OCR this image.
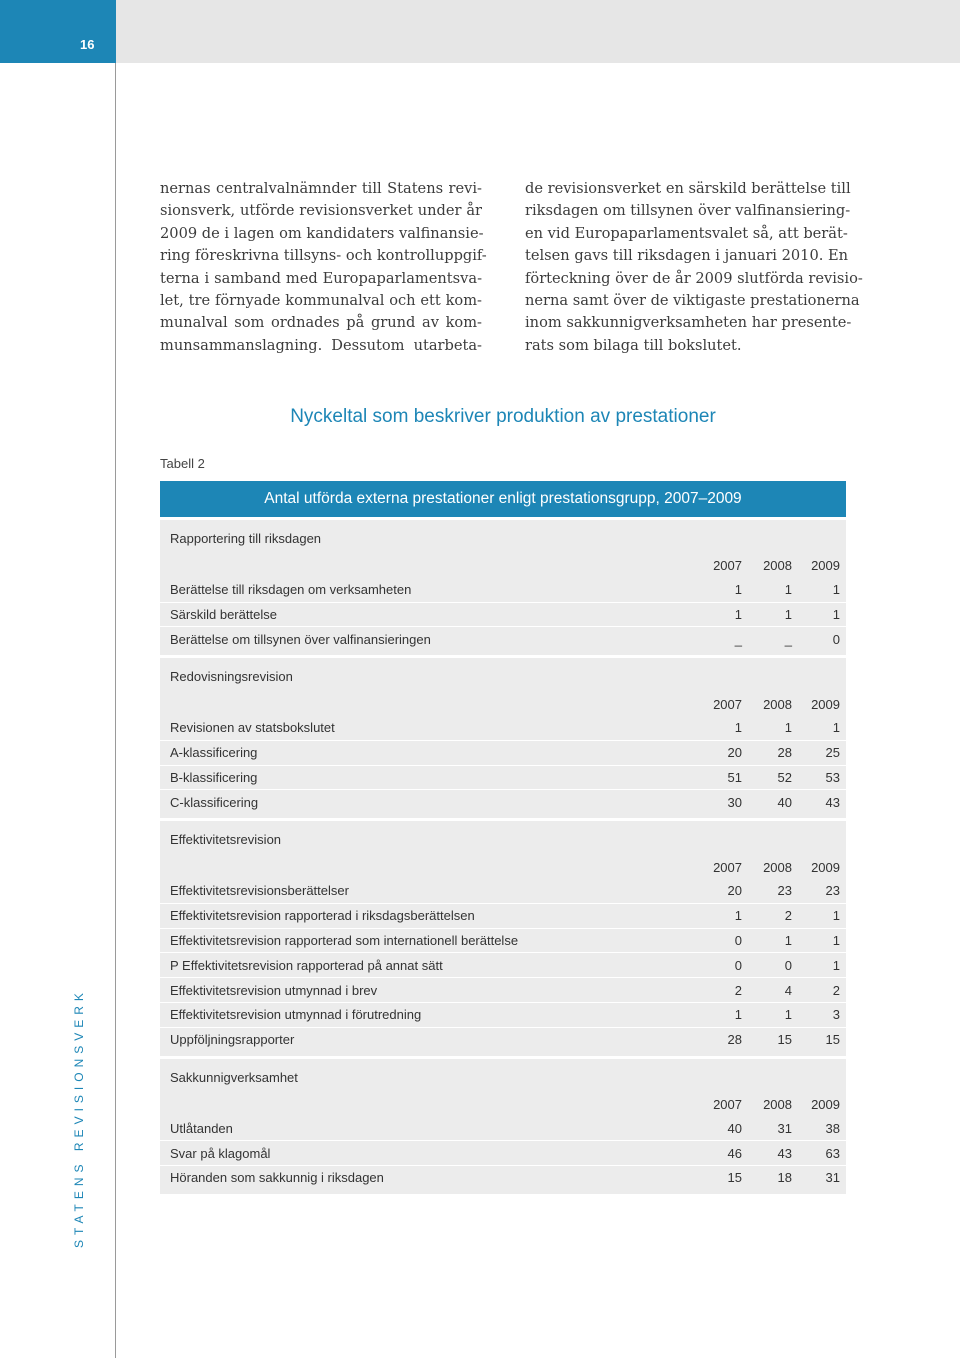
16
STATENS REVISIONSVERK
nernas centralvalnämnder till Statens revi-
sionsverk, utförde revisionsverket under år
2009 de i lagen om kandidaters valfinansie-
ring föreskrivna tillsyns- och kontrolluppgif-
terna i samband med Europaparlamentsva-
let, tre förnyade kommunalval och ett kom-
munalval som ordnades på grund av kom-
munsammanslagning. Dessutom utarbeta-
de revisionsverket en särskild berättelse till
riksdagen om tillsynen över valfinansiering-
en vid Europaparlamentsvalet så, att berät-
telsen gavs till riksdagen i januari 2010. En
förteckning över de år 2009 slutförda revisio-
nerna samt över de viktigaste prestationerna
inom sakkunnigverksamheten har presente-
rats som bilaga till bokslutet.
Nyckeltal som beskriver produktion av prestationer
Tabell 2
Antal utförda externa prestationer enligt prestationsgrupp, 2007–2009
Rapportering till riksdagen
2007	2008	2009
Berättelse till riksdagen om verksamheten	1	1	1
Särskild berättelse	1	1	1
Berättelse om tillsynen över valfinansieringen	_	_	0
Redovisningsrevision
2007	2008	2009
Revisionen av statsbokslutet	1	1	1
A-klassificering	20	28	25
B-klassificering	51	52	53
C-klassificering	30	40	43
Effektivitetsrevision
2007	2008	2009
Effektivitetsrevisionsberättelser	20	23	23
Effektivitetsrevision rapporterad i riksdagsberättelsen	1	2	1
Effektivitetsrevision rapporterad som internationell berättelse	0	1	1
P Effektivitetsrevision rapporterad på annat sätt	0	0	1
Effektivitetsrevision utmynnad i brev	2	4	2
Effektivitetsrevision utmynnad i förutredning	1	1	3
Uppföljningsrapporter	28	15	15
Sakkunnigverksamhet
2007	2008	2009
Utlåtanden	40	31	38
Svar på klagomål	46	43	63
Höranden som sakkunnig i riksdagen	15	18	31
